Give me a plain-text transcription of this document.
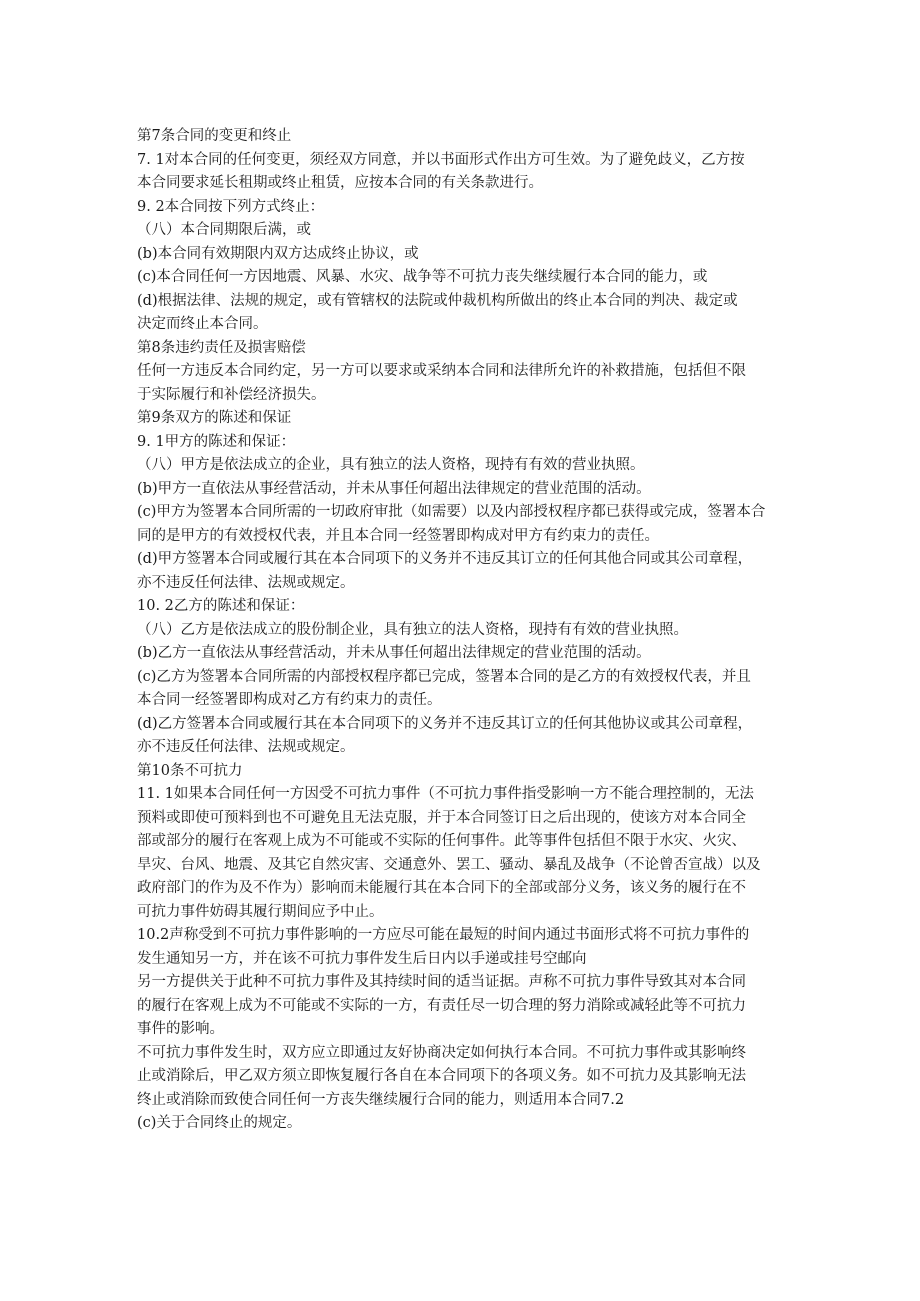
第7条合同的变更和终止
7. 1对本合同的任何变更，须经双方同意，并以书面形式作出方可生效。为了避免歧义，乙方按
本合同要求延长租期或终止租赁，应按本合同的有关条款进行。
9. 2本合同按下列方式终止：
（八）本合同期限后满，或
(b)本合同有效期限内双方达成终止协议，或
(c)本合同任何一方因地震、风暴、水灾、战争等不可抗力丧失继续履行本合同的能力，或
(d)根据法律、法规的规定，或有管辖权的法院或仲裁机构所做出的终止本合同的判决、裁定或
决定而终止本合同。
第8条违约责任及损害赔偿
任何一方违反本合同约定，另一方可以要求或采纳本合同和法律所允许的补救措施，包括但不限
于实际履行和补偿经济损失。
第9条双方的陈述和保证
9. 1甲方的陈述和保证：
（八）甲方是依法成立的企业，具有独立的法人资格，现持有有效的营业执照。
(b)甲方一直依法从事经营活动，并未从事任何超出法律规定的营业范围的活动。
(c)甲方为签署本合同所需的一切政府审批（如需要）以及内部授权程序都已获得或完成，签署本合
同的是甲方的有效授权代表，并且本合同一经签署即构成对甲方有约束力的责任。
(d)甲方签署本合同或履行其在本合同项下的义务并不违反其订立的任何其他合同或其公司章程，
亦不违反任何法律、法规或规定。
10. 2乙方的陈述和保证：
（八）乙方是依法成立的股份制企业，具有独立的法人资格，现持有有效的营业执照。
(b)乙方一直依法从事经营活动，并未从事任何超出法律规定的营业范围的活动。
(c)乙方为签署本合同所需的内部授权程序都已完成，签署本合同的是乙方的有效授权代表，并且
本合同一经签署即构成对乙方有约束力的责任。
(d)乙方签署本合同或履行其在本合同项下的义务并不违反其订立的任何其他协议或其公司章程，
亦不违反任何法律、法规或规定。
第10条不可抗力
11. 1如果本合同任何一方因受不可抗力事件（不可抗力事件指受影响一方不能合理控制的，无法
预料或即使可预料到也不可避免且无法克服，并于本合同签订日之后出现的，使该方对本合同全
部或部分的履行在客观上成为不可能或不实际的任何事件。此等事件包括但不限于水灾、火灾、
旱灾、台风、地震、及其它自然灾害、交通意外、罢工、骚动、暴乱及战争（不论曾否宣战）以及
政府部门的作为及不作为）影响而未能履行其在本合同下的全部或部分义务，该义务的履行在不
可抗力事件妨碍其履行期间应予中止。
10.2声称受到不可抗力事件影响的一方应尽可能在最短的时间内通过书面形式将不可抗力事件的
发生通知另一方，并在该不可抗力事件发生后日内以手递或挂号空邮向
另一方提供关于此种不可抗力事件及其持续时间的适当证据。声称不可抗力事件导致其对本合同
的履行在客观上成为不可能或不实际的一方，有责任尽一切合理的努力消除或减轻此等不可抗力
事件的影响。
不可抗力事件发生时，双方应立即通过友好协商决定如何执行本合同。不可抗力事件或其影响终
止或消除后，甲乙双方须立即恢复履行各自在本合同项下的各项义务。如不可抗力及其影响无法
终止或消除而致使合同任何一方丧失继续履行合同的能力，则适用本合同7.2
(c)关于合同终止的规定。
